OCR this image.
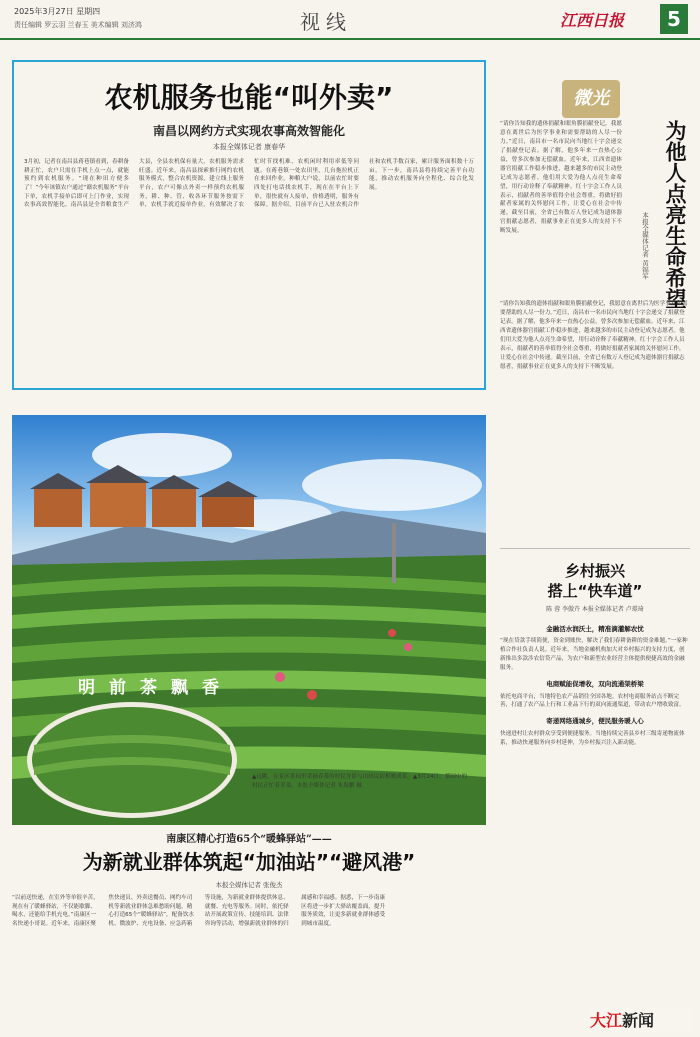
2025年3月27日 星期四
责任编辑 罗云羽 兰春玉 美术编辑 刘济鸿	视线	江西日报	5
农机服务也能“叫外卖”
南昌以网约方式实现农事高效智能化
本报全媒体记者 康春华
3月初，记者在南昌县蒋巷镇看到，春耕备耕正忙，农户只需在手机上点一点，就能预约到农机服务。“现在种田方便多了！”今年该镇农户通过“赣农机服务”平台下单，农机手接单后即可上门作业，实现农事高效智能化。南昌县是全省粮食生产大县，全县农机保有量大，农机服务需求旺盛。近年来，南昌县探索推行网约农机服务模式，整合农机资源，建立线上服务平台，农户可像点外卖一样预约农机服务，耕、种、管、收各环节服务按需下单，农机手就近接单作业，有效解决了农忙时节找机难、农机闲时利用率低等问题。在蒋巷镇一处农田里，几台拖拉机正在来回作业。种粮大户说，以前农忙时要四处打电话找农机手，现在在平台上下单，很快就有人接单，价格透明，服务有保障。据介绍，目前平台已入驻农机合作社和农机手数百家，累计服务面积数十万亩。下一步，南昌县将持续完善平台功能，推动农机服务向全程化、综合化发展。
明前茶飘香
▲远眺，在景区茶园里采摘春茶的村民身影与山间民宿相映成景。▲3月24日，茶园中的村民正忙着采茶。本报全媒体记者 朱海鹏 摄
南康区精心打造65个“暖蜂驿站”——
为新就业群体筑起“加油站”“避风港”
本报全媒体记者 张俊杰
“以前送快递，在室外等单很辛苦，现在有了暖蜂驿站，不仅能歇脚、喝水，还能给手机充电。”南康区一名快递小哥说。近年来，南康区聚焦快递员、外卖送餐员、网约车司机等新就业群体急难愁盼问题，精心打造65个“暖蜂驿站”，配备饮水机、微波炉、充电设备、应急药箱等设施，为新就业群体提供休息、就餐、充电等服务。同时，依托驿站开展政策宣传、技能培训、法律咨询等活动，增强新就业群体的归属感和幸福感。据悉，下一步南康区将进一步扩大驿站覆盖面，提升服务质效，让更多新就业群体感受到城市温度。
微光
为他人点亮生命希望
本报全媒体记者 黄锦军
“请你告知我的遗体捐献和眼角膜捐献登记，我愿意在离世后为医学事业和需要帮助的人尽一份力。”近日，南昌市一名市民向当地红十字会递交了捐献登记表。据了解，他多年来一直热心公益，曾多次参加无偿献血。近年来，江西省遗体器官捐献工作稳步推进，越来越多的市民主动登记成为志愿者。他们用大爱为他人点亮生命希望，用行动诠释了奉献精神。红十字会工作人员表示，捐献者的善举值得全社会尊重，将做好捐献者家属的关怀慰问工作，让爱心在社会中传递。截至目前，全省已有数万人登记成为遗体器官捐献志愿者，捐献事业正在更多人的支持下不断发展。
“请你告知我的遗体捐献和眼角膜捐献登记，我愿意在离世后为医学事业和需要帮助的人尽一份力。”近日，南昌市一名市民向当地红十字会递交了捐献登记表。据了解，他多年来一直热心公益，曾多次参加无偿献血。近年来，江西省遗体器官捐献工作稳步推进，越来越多的市民主动登记成为志愿者。他们用大爱为他人点亮生命希望，用行动诠释了奉献精神。红十字会工作人员表示，捐献者的善举值得全社会尊重，将做好捐献者家属的关怀慰问工作，让爱心在社会中传递。截至目前，全省已有数万人登记成为遗体器官捐献志愿者，捐献事业正在更多人的支持下不断发展。
乡村振兴
搭上“快车道”
陈 蓉 李傲卉 本报全媒体记者 卢璟琦
金融活水润沃土，精准滴灌解农忧
“现在贷款手续简便，资金到账快，解决了我们春耕备耕的资金难题。”一家种植合作社负责人说。近年来，当地金融机构加大对乡村振兴的支持力度，创新推出多款涉农信贷产品，为农户和新型农业经营主体提供便捷高效的金融服务。
电商赋能促增收，双向流通架桥梁
依托电商平台，当地特色农产品销往全国各地。农村电商服务站点不断完善，打通了农产品上行和工业品下行的双向流通渠道，带动农户增收致富。
寄递网络通城乡，便民服务暖人心
快递进村让农村群众享受到便捷服务。当地持续完善县乡村三级寄递物流体系，推动快递服务向乡村延伸，为乡村振兴注入新动能。
大江新闻
